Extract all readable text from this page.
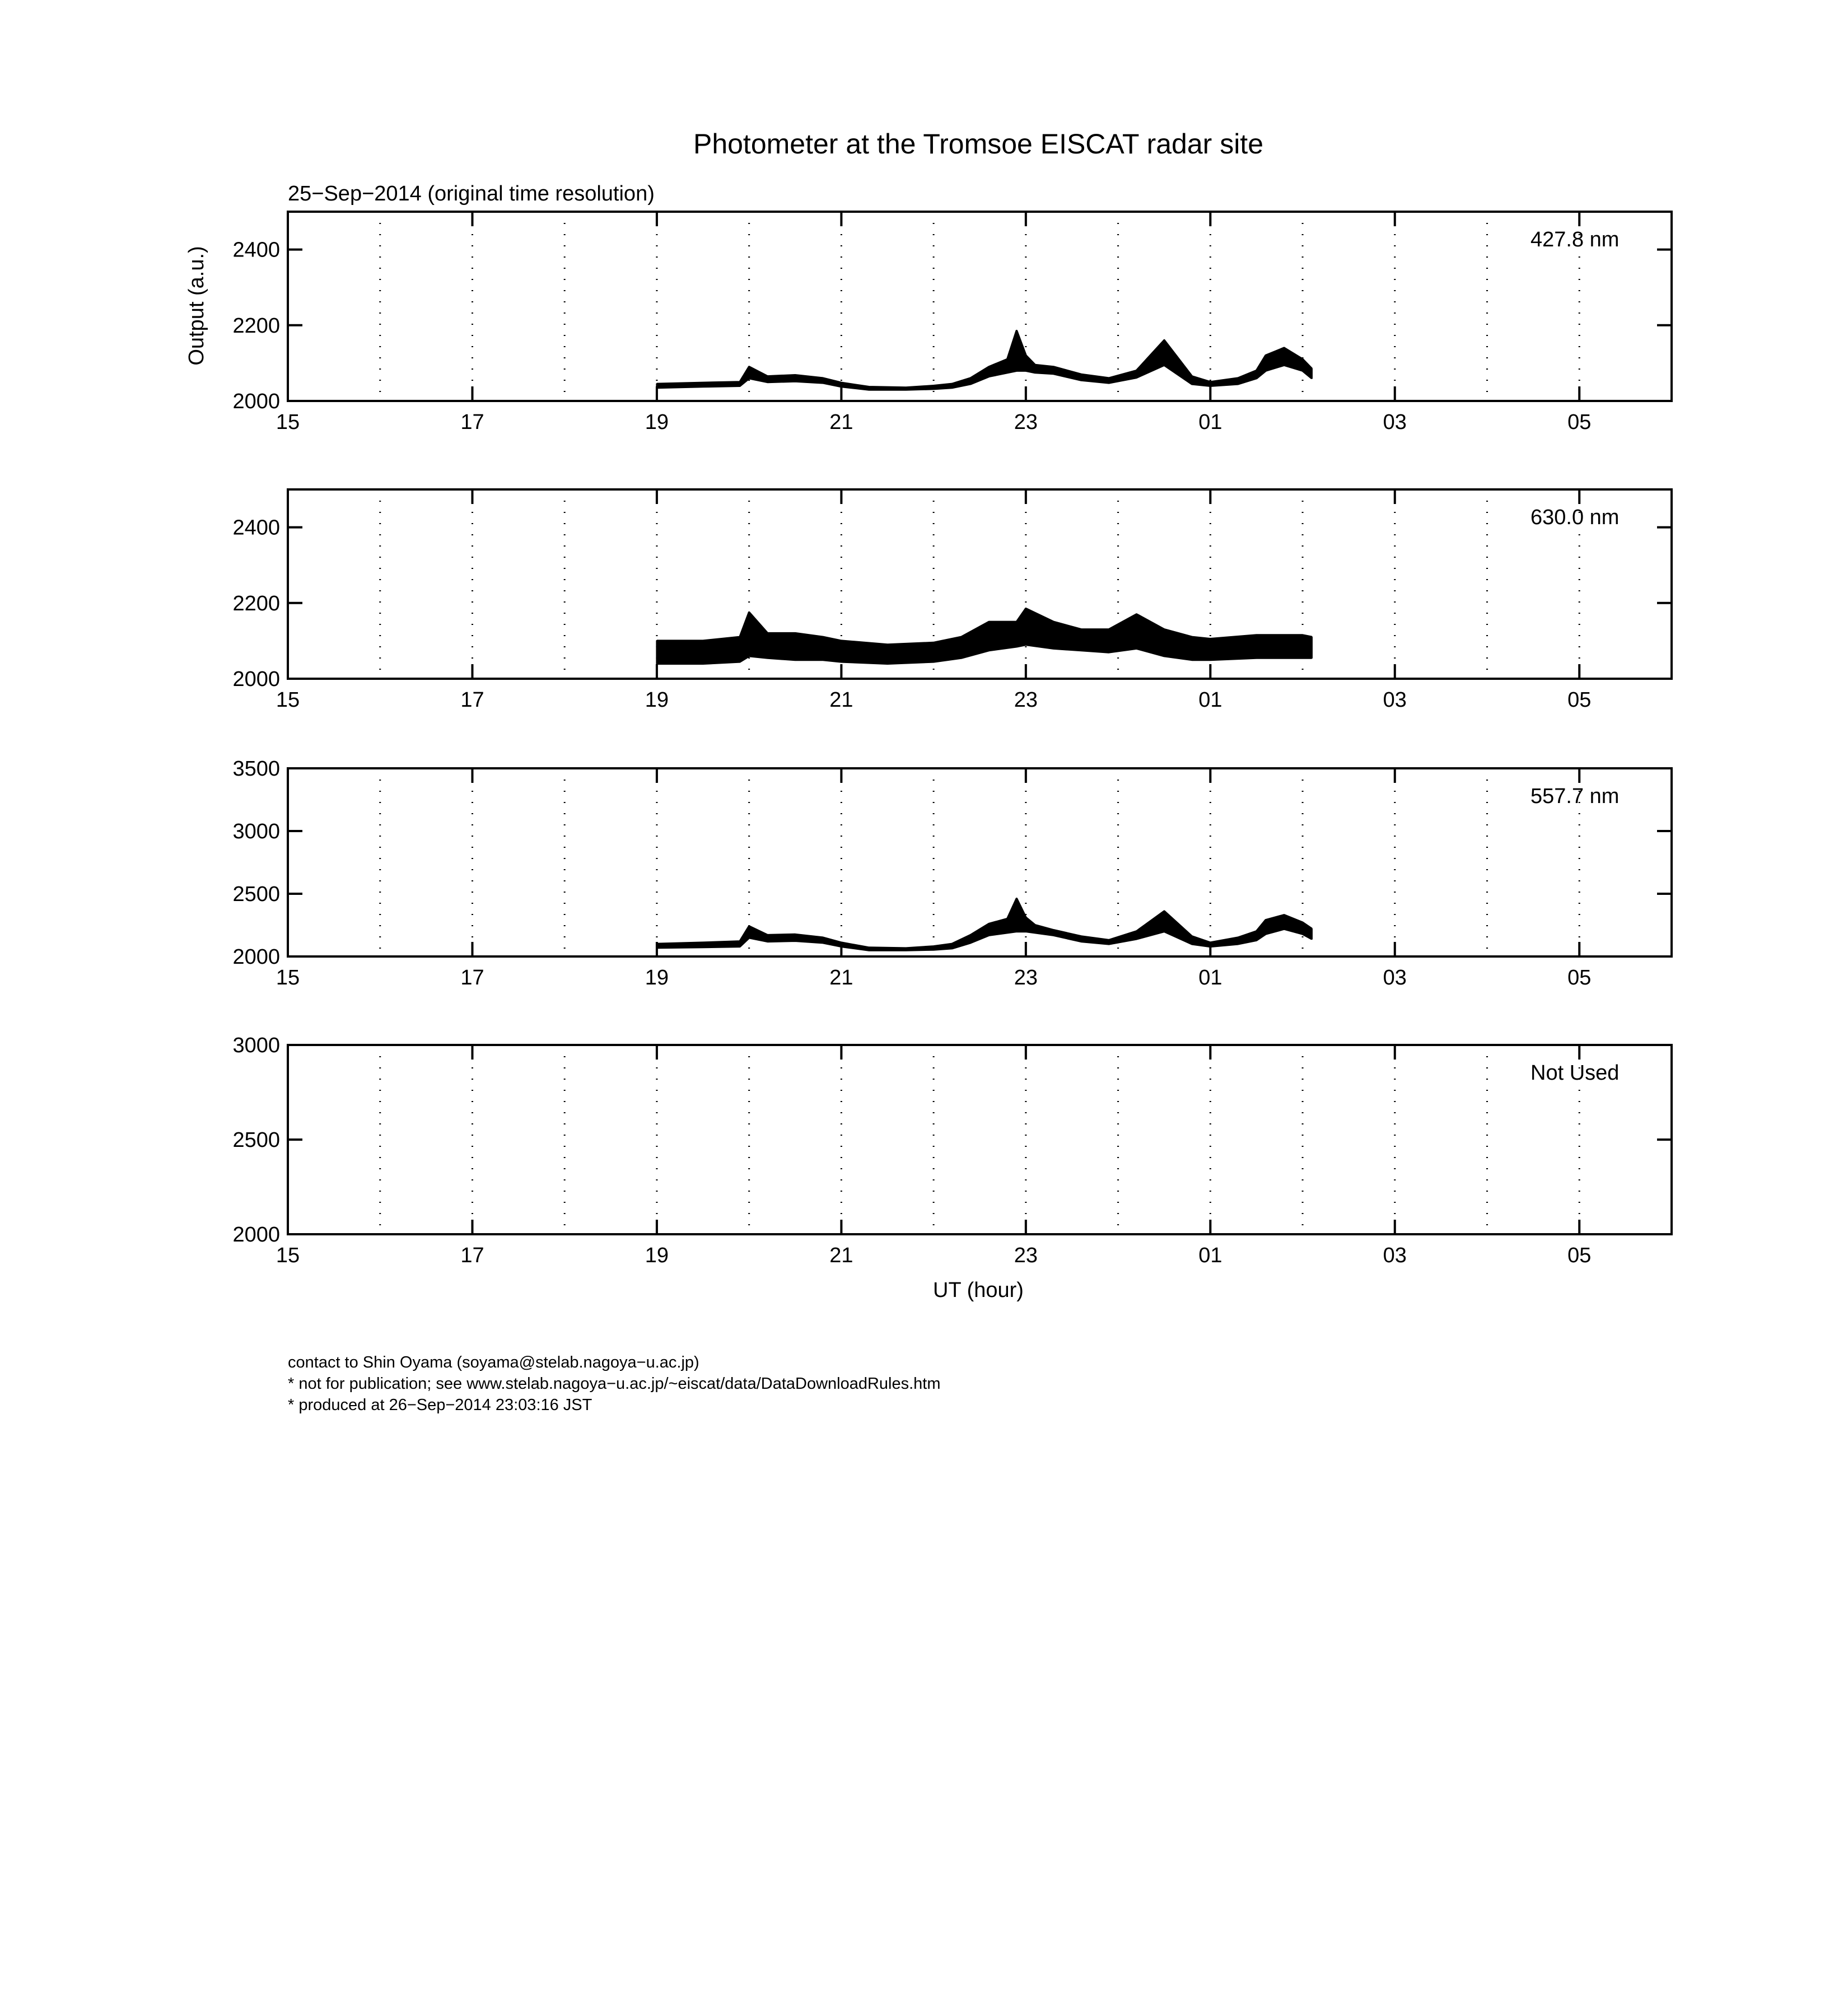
Photometer at the Tromsoe EISCAT radar site
25−Sep−2014 (original time resolution)
Output (a.u.)
UT (hour)
15	17	19	21	23	01	03	05
2000
2200
2400	427.8 nm
15	17	19	21	23	01	03	05
2000
2200
2400	630.0 nm
15	17	19	21	23	01	03	05
2000
2500
3000
3500
557.7 nm
15	17	19	21	23	01	03	05
2000
2500
3000
Not Used
contact to Shin Oyama (soyama@stelab.nagoya−u.ac.jp)
* not for publication; see www.stelab.nagoya−u.ac.jp/~eiscat/data/DataDownloadRules.htm
* produced at 26−Sep−2014 23:03:16 JST
